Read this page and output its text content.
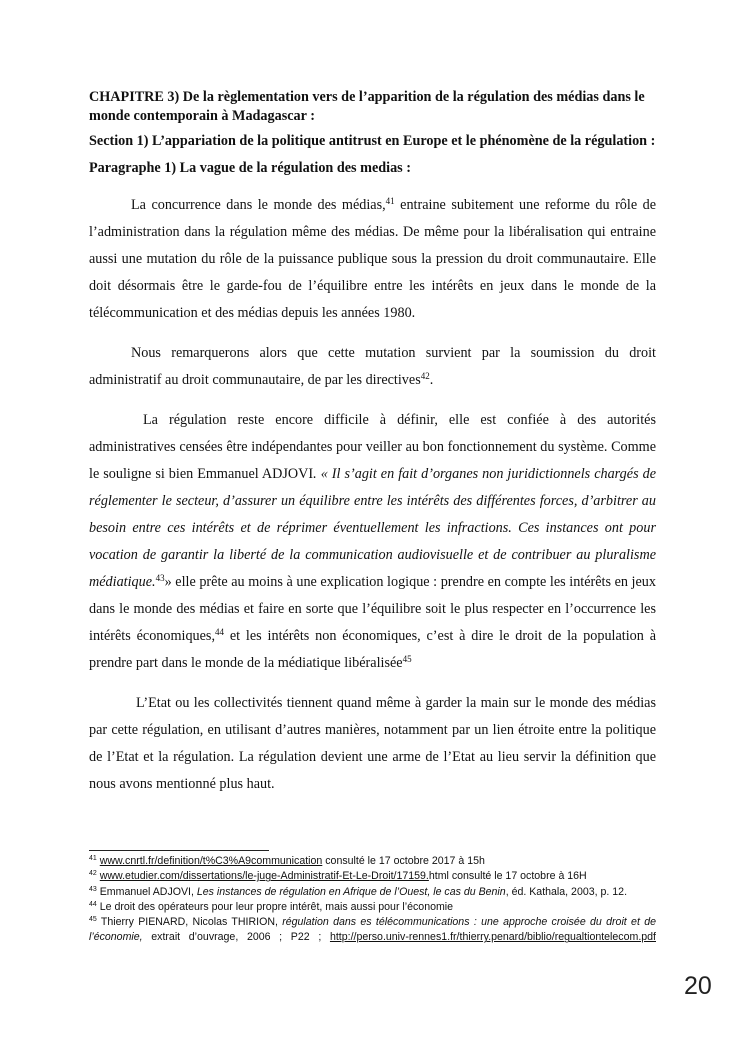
CHAPITRE 3) De la règlementation vers de l’apparition de la régulation des médias dans le monde contemporain à Madagascar :

Section 1) L’appariation de la politique antitrust en Europe et le phénomène de la régulation :

Paragraphe 1) La vague de la régulation des medias :

La concurrence dans le monde des médias,$^{41}$ entraine subitement une reforme du rôle de l’administration dans la régulation même des médias. De même pour la libéralisation qui entraine aussi une mutation du rôle de la puissance publique sous la pression du droit communautaire. Elle doit désormais être le garde-fou de l’équilibre entre les intérêts en jeux dans le monde de la télécommunication et des médias depuis les années 1980.

Nous remarquerons alors que cette mutation survient par la soumission du droit administratif au droit communautaire, de par les directives$^{42}$.

La régulation reste encore difficile à définir, elle est confiée à des autorités administratives censées être indépendantes pour veiller au bon fonctionnement du système. Comme le souligne si bien Emmanuel ADJOVI. « Il s’agit en fait d’organes non juridictionnels chargés de réglementer le secteur, d’assurer un équilibre entre les intérêts des différentes forces, d’arbitrer au besoin entre ces intérêts et de réprimer éventuellement les infractions. Ces instances ont pour vocation de garantir la liberté de la communication audiovisuelle et de contribuer au pluralisme médiatique.$^{43}$» elle prête au moins à une explication logique : prendre en compte les intérêts en jeux dans le monde des médias et faire en sorte que l’équilibre soit le plus respecter en l’occurrence les intérêts économiques,$^{44}$ et les intérêts non économiques, c’est à dire le droit de la population à prendre part dans le monde de la médiatique libéralisée$^{45}$

L’Etat ou les collectivités tiennent quand même à garder la main sur le monde des médias par cette régulation, en utilisant d’autres manières, notamment par un lien étroite entre la politique de l’Etat et la régulation. La régulation devient une arme de l’Etat au lieu servir la définition que nous avons mentionné plus haut.

$^{41}$ www.cnrtl.fr/definition/t%C3%A9communication consulté le 17 octobre 2017 à 15h

$^{42}$ www.etudier.com/dissertations/le-juge-Administratif-Et-Le-Droit/17159.html consulté le 17 octobre à 16H

$^{43}$ Emmanuel ADJOVI, Les instances de régulation en Afrique de l’Ouest, le cas du Benin, éd. Kathala, 2003, p. 12.

$^{44}$ Le droit des opérateurs pour leur propre intérêt, mais aussi pour l’économie

$^{45}$ Thierry PIENARD, Nicolas THIRION, régulation dans es télécommunications : une approche croisée du droit et de l’économie, extrait d’ouvrage, 2006 ; P22 ; http://perso.univ-rennes1.fr/thierry.penard/biblio/regualtiontelecom.pdf

20
